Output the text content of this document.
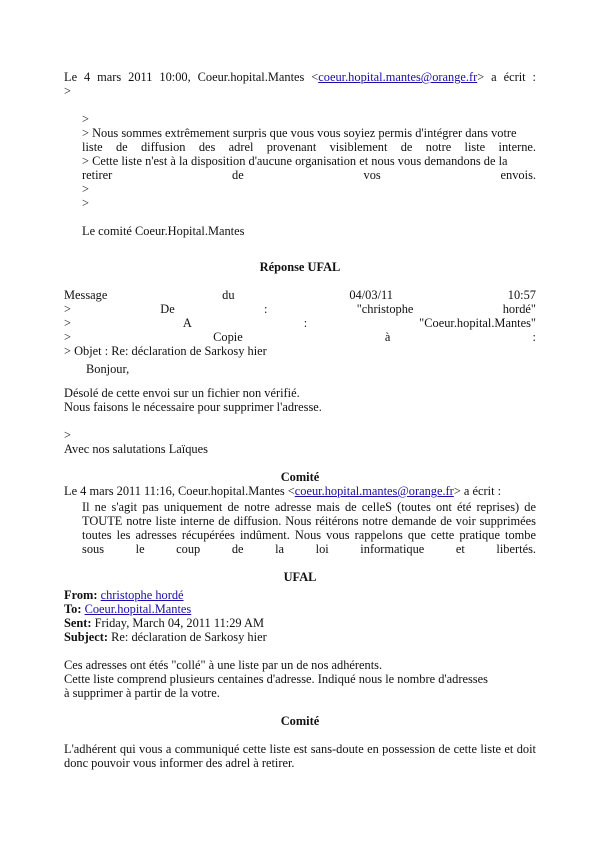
Le 4 mars 2011 10:00, Coeur.hopital.Mantes <coeur.hopital.mantes@orange.fr> a écrit :
>
>
> Nous sommes extrêmement surpris que vous vous soyiez permis d'intégrer dans votre
liste de diffusion des adrel provenant visiblement de notre liste interne.
> Cette liste n'est à la disposition d'aucune organisation et nous vous demandons de la
retirer de vos envois.
>
>
Le comité Coeur.Hopital.Mantes
Réponse UFAL
Message	du	04/03/11	10:57
>	De	:	"christophe	hordé"
>	A	:	"Coeur.hopital.Mantes"
>	Copie	à	:
> Objet : Re: déclaration de Sarkosy hier
Bonjour,
Désolé de cette envoi sur un fichier non vérifié.
Nous faisons le nécessaire pour supprimer l'adresse.
>
Avec nos salutations Laïques
Comité
Le 4 mars 2011 11:16, Coeur.hopital.Mantes <coeur.hopital.mantes@orange.fr> a écrit :
Il ne s'agit pas uniquement de notre adresse mais de celleS (toutes ont été reprises) de
TOUTE notre liste interne de diffusion. Nous réitérons notre demande de voir supprimées
toutes les adresses récupérées indûment. Nous vous rappelons que cette pratique tombe
sous le coup de la loi informatique et libertés.
UFAL
From: christophe hordé
To: Coeur.hopital.Mantes
Sent: Friday, March 04, 2011 11:29 AM
Subject: Re: déclaration de Sarkosy hier
Ces adresses ont étés "collé" à une liste par un de nos adhérents.
Cette liste comprend plusieurs centaines d'adresse. Indiqué nous le nombre d'adresses
à supprimer à partir de la votre.
Comité
L'adhérent qui vous a communiqué cette liste est sans-doute en possession de cette liste et doit
donc pouvoir vous informer des adrel à retirer.
